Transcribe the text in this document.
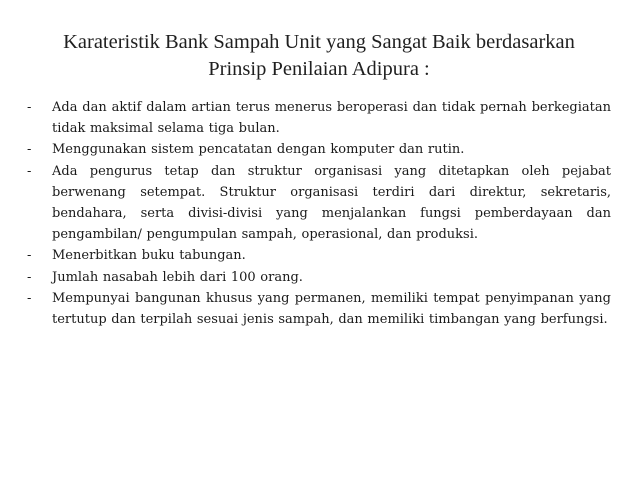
Karateristik Bank Sampah Unit yang Sangat Baik berdasarkan
Prinsip Penilaian Adipura :
-	Ada dan aktif dalam artian terus menerus beroperasi dan tidak pernah berkegiatan tidak maksimal selama tiga bulan.
-	Menggunakan sistem pencatatan dengan komputer dan rutin.
-	Ada pengurus tetap dan struktur organisasi yang ditetapkan oleh pejabat berwenang setempat. Struktur organisasi terdiri dari direktur, sekretaris, bendahara, serta divisi-divisi yang menjalankan fungsi pemberdayaan dan pengambilan/ pengumpulan sampah, operasional, dan produksi.
-	Menerbitkan buku tabungan.
-	Jumlah nasabah lebih dari 100 orang.
-	Mempunyai bangunan khusus yang permanen, memiliki tempat penyimpanan yang tertutup dan terpilah sesuai jenis sampah, dan memiliki timbangan yang berfungsi.
